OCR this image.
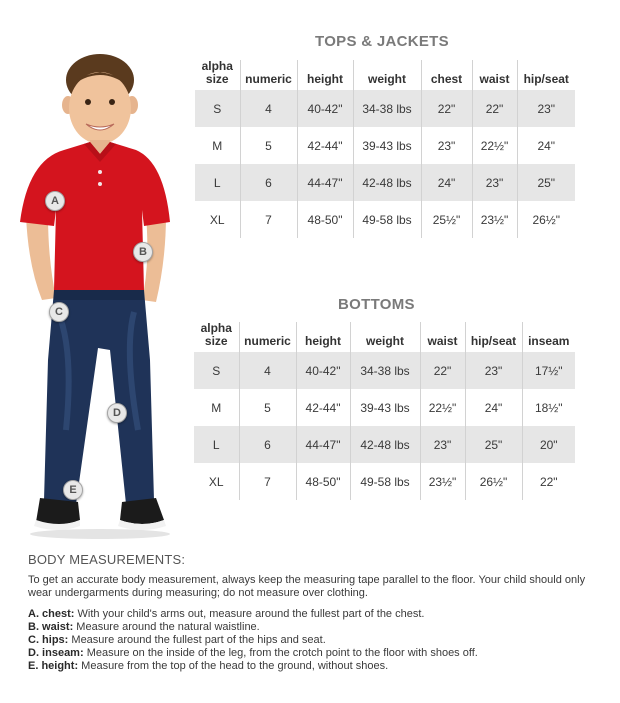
A
B
C
D
E
TOPS & JACKETS
alpha
size	numeric	height	weight	chest	waist	hip/seat
S	4	40-42"	34-38 lbs	22"	22"	23"
M	5	42-44"	39-43 lbs	23"	22½"	24"
L	6	44-47"	42-48 lbs	24"	23"	25"
XL	7	48-50"	49-58 lbs	25½"	23½"	26½"
BOTTOMS
alpha
size	numeric	height	weight	waist	hip/seat	inseam
S	4	40-42"	34-38 lbs	22"	23"	17½"
M	5	42-44"	39-43 lbs	22½"	24"	18½"
L	6	44-47"	42-48 lbs	23"	25"	20"
XL	7	48-50"	49-58 lbs	23½"	26½"	22"
BODY MEASUREMENTS:
To get an accurate body measurement, always keep the measuring tape parallel to the floor. Your child should only wear undergarments during measuring; do not measure over clothing.
A. chest: With your child's arms out, measure around the fullest part of the chest.
B. waist: Measure around the natural waistline.
C. hips: Measure around the fullest part of the hips and seat.
D. inseam: Measure on the inside of the leg, from the crotch point to the floor with shoes off.
E. height: Measure from the top of the head to the ground, without shoes.
